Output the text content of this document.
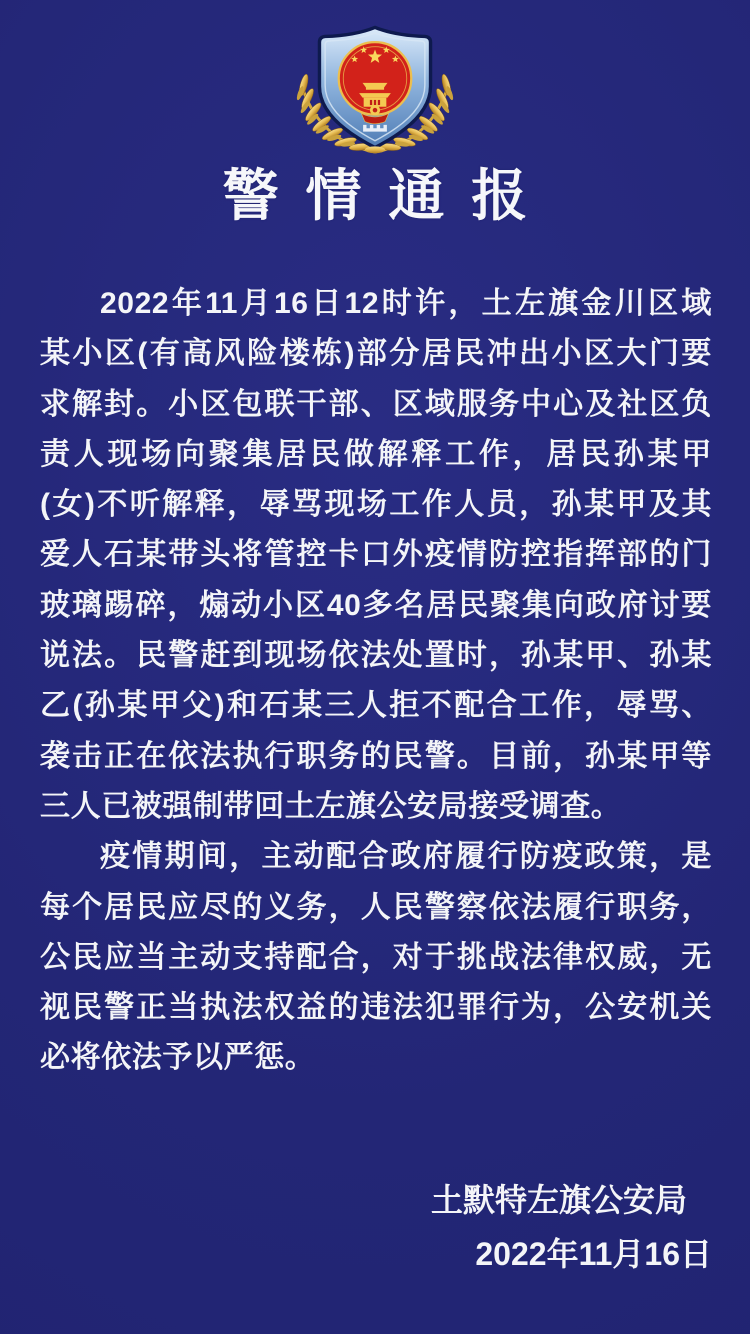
警情通报
2022年11月16日12时许，土左旗金川区域
某小区(有高风险楼栋)部分居民冲出小区大门要
求解封。小区包联干部、区域服务中心及社区负
责人现场向聚集居民做解释工作，居民孙某甲
(女)不听解释，辱骂现场工作人员，孙某甲及其
爱人石某带头将管控卡口外疫情防控指挥部的门
玻璃踢碎，煽动小区40多名居民聚集向政府讨要
说法。民警赶到现场依法处置时，孙某甲、孙某
乙(孙某甲父)和石某三人拒不配合工作，辱骂、
袭击正在依法执行职务的民警。目前，孙某甲等
三人已被强制带回土左旗公安局接受调查。
疫情期间，主动配合政府履行防疫政策，是
每个居民应尽的义务，人民警察依法履行职务，
公民应当主动支持配合，对于挑战法律权威，无
视民警正当执法权益的违法犯罪行为，公安机关
必将依法予以严惩。
土默特左旗公安局
2022年11月16日
